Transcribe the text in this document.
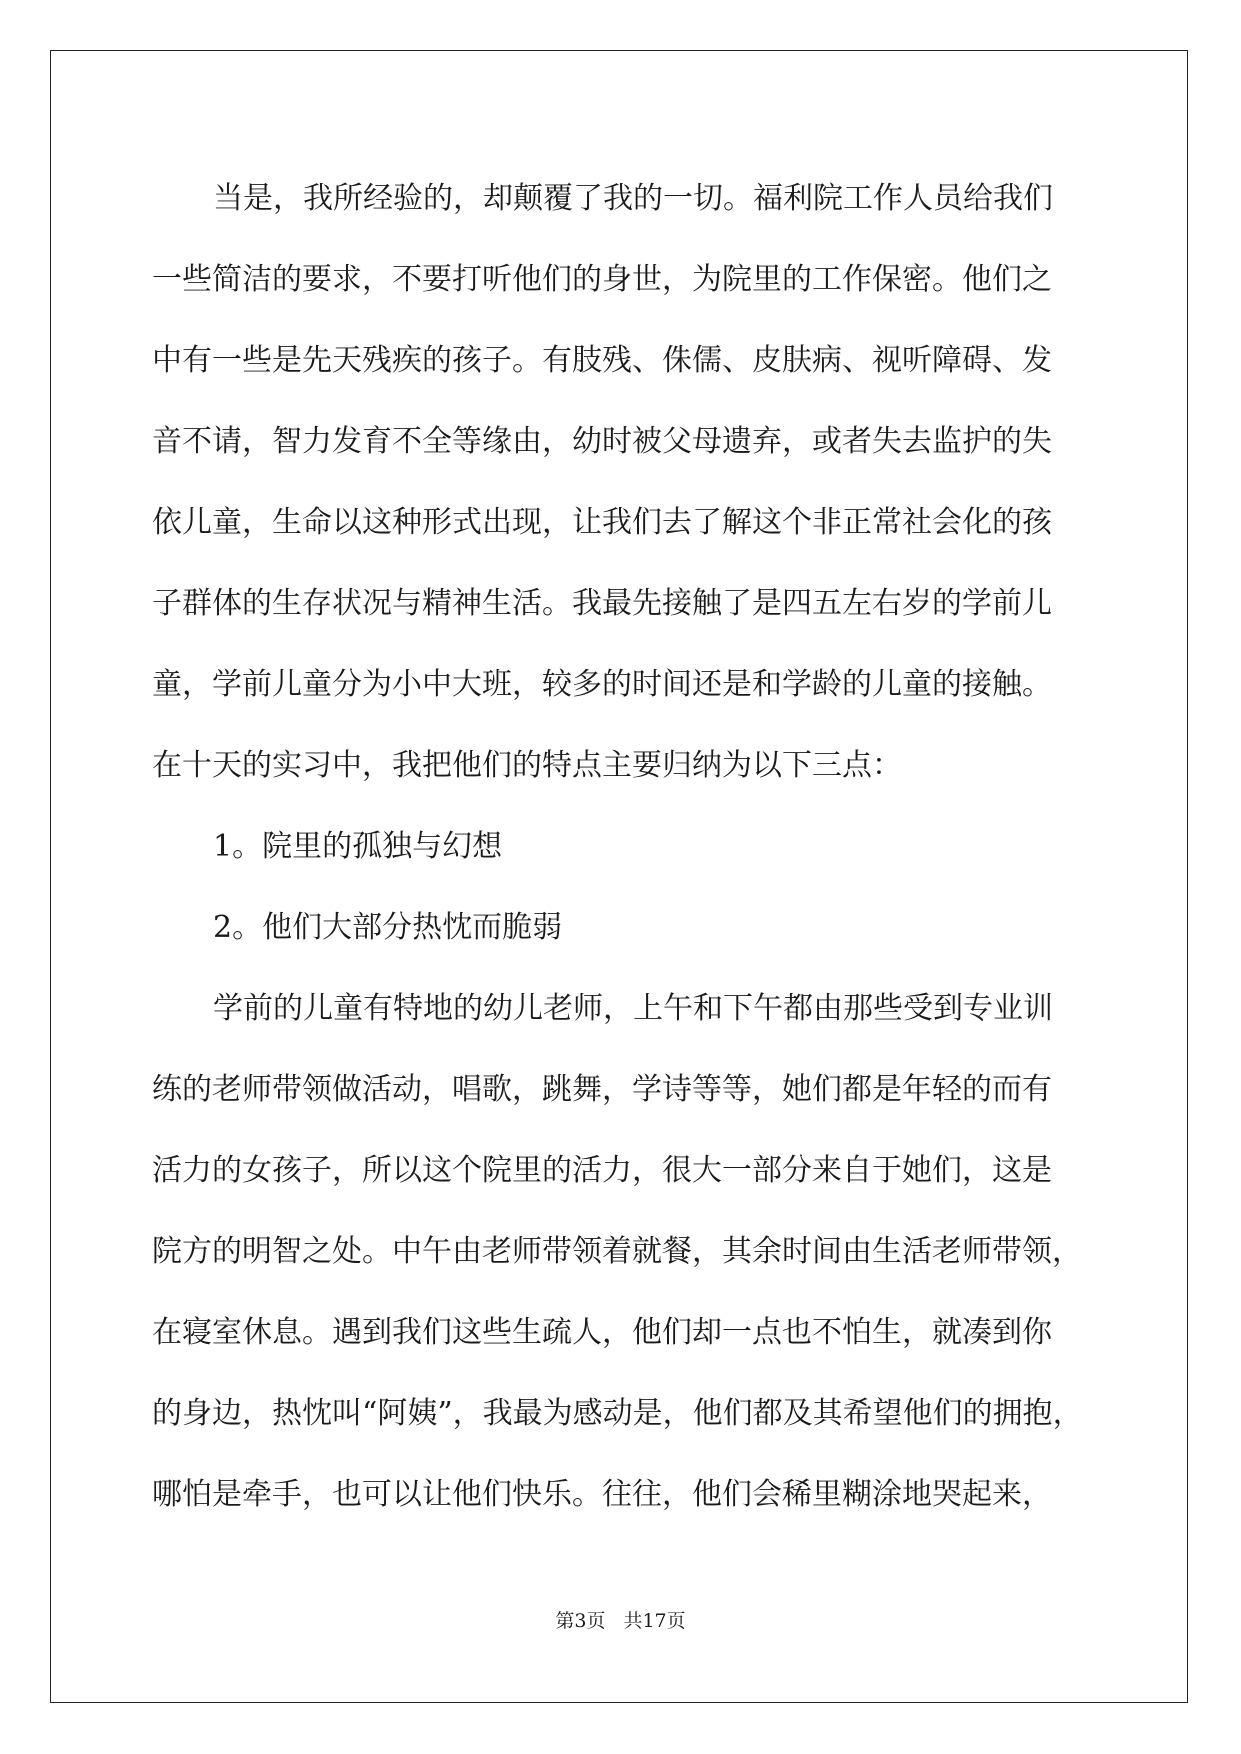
当是，我所经验的，却颠覆了我的一切。福利院工作人员给我们
一些简洁的要求，不要打听他们的身世，为院里的工作保密。他们之
中有一些是先天残疾的孩子。有肢残、侏儒、皮肤病、视听障碍、发
音不请，智力发育不全等缘由，幼时被父母遗弃，或者失去监护的失
依儿童，生命以这种形式出现，让我们去了解这个非正常社会化的孩
子群体的生存状况与精神生活。我最先接触了是四五左右岁的学前儿
童，学前儿童分为小中大班，较多的时间还是和学龄的儿童的接触。
在十天的实习中，我把他们的特点主要归纳为以下三点：
1。院里的孤独与幻想
2。他们大部分热忱而脆弱
学前的儿童有特地的幼儿老师，上午和下午都由那些受到专业训
练的老师带领做活动，唱歌，跳舞，学诗等等，她们都是年轻的而有
活力的女孩子，所以这个院里的活力，很大一部分来自于她们，这是
院方的明智之处。中午由老师带领着就餐，其余时间由生活老师带领，
在寝室休息。遇到我们这些生疏人，他们却一点也不怕生，就凑到你
的身边，热忱叫“阿姨”，我最为感动是，他们都及其希望他们的拥抱，
哪怕是牵手，也可以让他们快乐。往往，他们会稀里糊涂地哭起来，
第3页 共17页
